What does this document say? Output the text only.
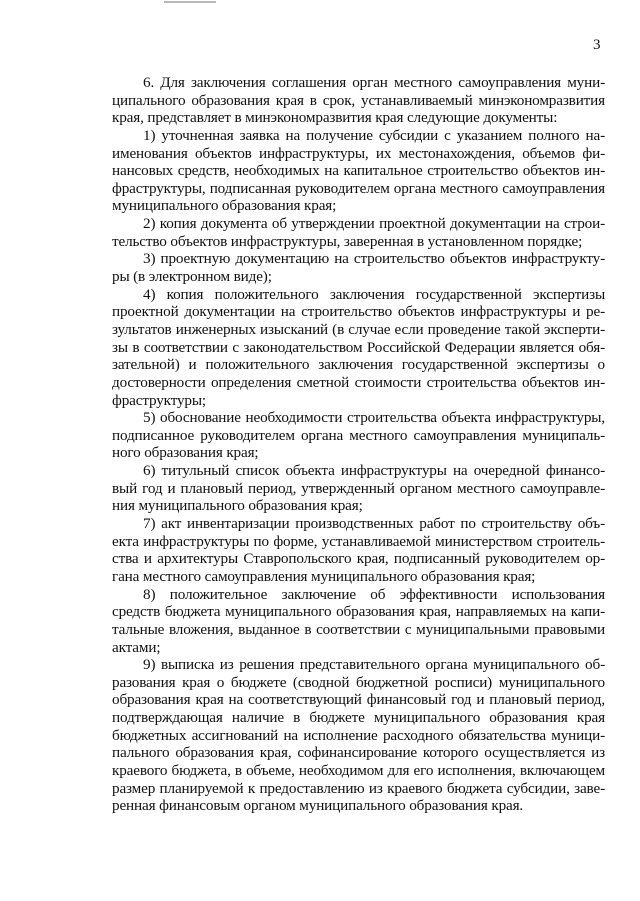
3
6. Для заключения соглашения орган местного самоуправления муни-
ципального образования края в срок, устанавливаемый минэкономразвития
края, представляет в минэкономразвития края следующие документы:
1) уточненная заявка на получение субсидии с указанием полного на-
именования объектов инфраструктуры, их местонахождения, объемов фи-
нансовых средств, необходимых на капитальное строительство объектов ин-
фраструктуры, подписанная руководителем органа местного самоуправления
муниципального образования края;
2) копия документа об утверждении проектной документации на строи-
тельство объектов инфраструктуры, заверенная в установленном порядке;
3) проектную документацию на строительство объектов инфраструкту-
ры (в электронном виде);
4) копия положительного заключения государственной экспертизы
проектной документации на строительство объектов инфраструктуры и ре-
зультатов инженерных изысканий (в случае если проведение такой эксперти-
зы в соответствии с законодательством Российской Федерации является обя-
зательной) и положительного заключения государственной экспертизы о
достоверности определения сметной стоимости строительства объектов ин-
фраструктуры;
5) обоснование необходимости строительства объекта инфраструктуры,
подписанное руководителем органа местного самоуправления муниципаль-
ного образования края;
6) титульный список объекта инфраструктуры на очередной финансо-
вый год и плановый период, утвержденный органом местного самоуправле-
ния муниципального образования края;
7) акт инвентаризации производственных работ по строительству объ-
екта инфраструктуры по форме, устанавливаемой министерством строитель-
ства и архитектуры Ставропольского края, подписанный руководителем ор-
гана местного самоуправления муниципального образования края;
8) положительное заключение об эффективности использования
средств бюджета муниципального образования края, направляемых на капи-
тальные вложения, выданное в соответствии с муниципальными правовыми
актами;
9) выписка из решения представительного органа муниципального об-
разования края о бюджете (сводной бюджетной росписи) муниципального
образования края на соответствующий финансовый год и плановый период,
подтверждающая наличие в бюджете муниципального образования края
бюджетных ассигнований на исполнение расходного обязательства муници-
пального образования края, софинансирование которого осуществляется из
краевого бюджета, в объеме, необходимом для его исполнения, включающем
размер планируемой к предоставлению из краевого бюджета субсидии, заве-
ренная финансовым органом муниципального образования края.
